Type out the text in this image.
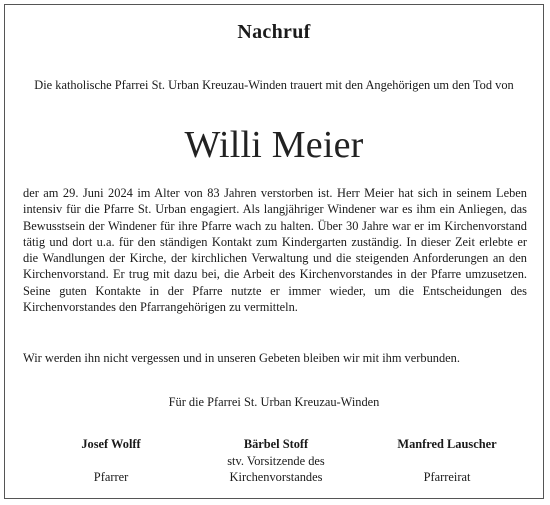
Nachruf
Die katholische Pfarrei St. Urban Kreuzau-Winden trauert mit den Angehörigen um den Tod von
Willi Meier
der am 29. Juni 2024 im Alter von 83 Jahren verstorben ist. Herr Meier hat sich in seinem Leben
intensiv für die Pfarre St. Urban engagiert. Als langjähriger Windener war es ihm ein Anliegen, das
Bewusstsein der Windener für ihre Pfarre wach zu halten. Über 30 Jahre war er im Kirchenvorstand
tätig und dort u.a. für den ständigen Kontakt zum Kindergarten zuständig. In dieser Zeit erlebte er
die Wandlungen der Kirche, der kirchlichen Verwaltung und die steigenden Anforderungen an den
Kirchenvorstand. Er trug mit dazu bei, die Arbeit des Kirchenvorstandes in der Pfarre umzusetzen.
Seine guten Kontakte in der Pfarre nutzte er immer wieder, um die Entscheidungen des
Kirchenvorstandes den Pfarrangehörigen zu vermitteln.
Wir werden ihn nicht vergessen und in unseren Gebeten bleiben wir mit ihm verbunden.
Für die Pfarrei St. Urban Kreuzau-Winden
Josef Wolff
Pfarrer
Bärbel Stoff
stv. Vorsitzende des
Kirchenvorstandes
Manfred Lauscher
Pfarreirat
